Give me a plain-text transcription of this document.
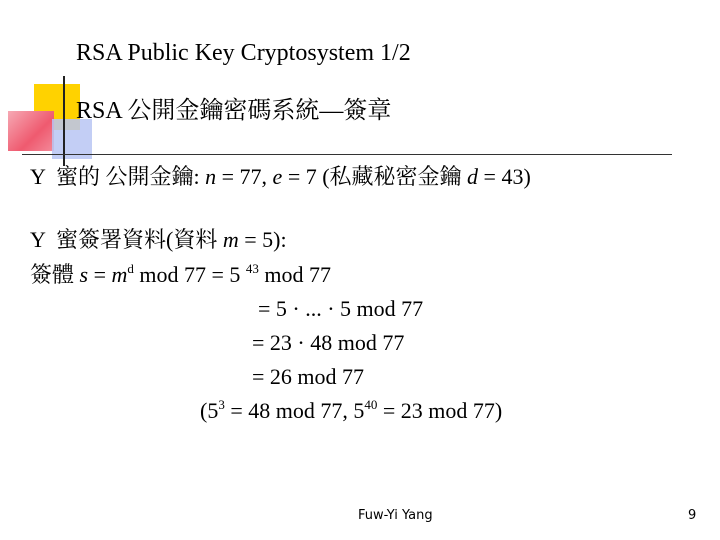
RSA Public Key Cryptosystem 1/2
RSA 公開金鑰密碼系統—簽章
Y 蜜的 公開金鑰: n = 77, e = 7 (私藏秘密金鑰 d = 43)
Y 蜜簽署資料(資料 m = 5):
簽體 $s = m^d$ mod 77 = 5 $^{43}$ mod 77
= 5 · ... · 5 mod 77
= 23 · 48 mod 77
= 26 mod 77
($5^3 = 48$ mod 77, $5^{40} = 23$ mod 77)
Fuw-Yi Yang	9
